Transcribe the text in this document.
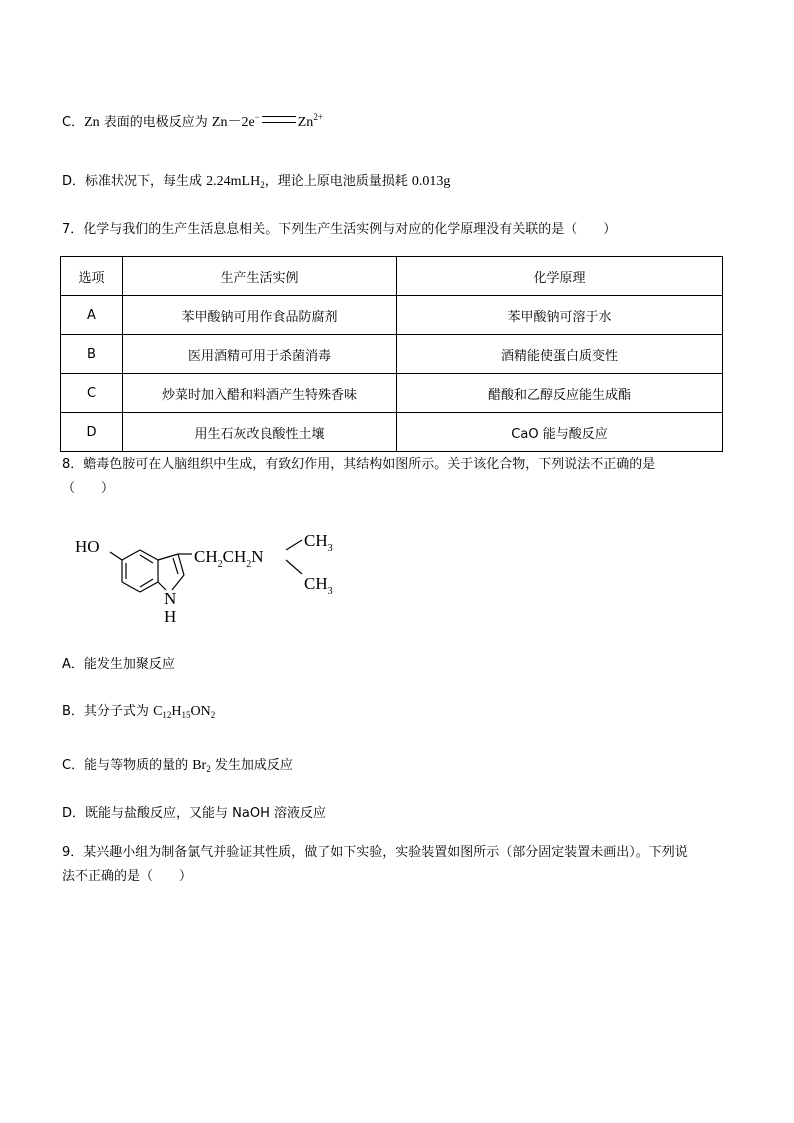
C．Zn 表面的电极反应为 Zn－2e−	$Zn^{2+}$
D．标准状况下，每生成 2.24mLH$_2$，理论上原电池质量损耗 0.013g
7．化学与我们的生产生活息息相关。下列生产生活实例与对应的化学原理没有关联的是（　　）
选项	生产生活实例	化学原理
A	苯甲酸钠可用作食品防腐剂	苯甲酸钠可溶于水
B	医用酒精可用于杀菌消毒	酒精能使蛋白质变性
C	炒菜时加入醋和料酒产生特殊香味	醋酸和乙醇反应能生成酯
D	用生石灰改良酸性土壤	CaO 能与酸反应
8．蟾毒色胺可在人脑组织中生成，有致幻作用，其结构如图所示。关于该化合物，下列说法不正确的是
（　　）
HO
$CH_2CH_2N$
$CH_3$
$CH_3$
N
H
A．能发生加聚反应
B．其分子式为 $C_{12}H_{15}ON_2$
C．能与等物质的量的 $Br_2$ 发生加成反应
D．既能与盐酸反应，又能与 NaOH 溶液反应
9．某兴趣小组为制备氯气并验证其性质，做了如下实验，实验装置如图所示（部分固定装置未画出）。下列说
法不正确的是（　　）
